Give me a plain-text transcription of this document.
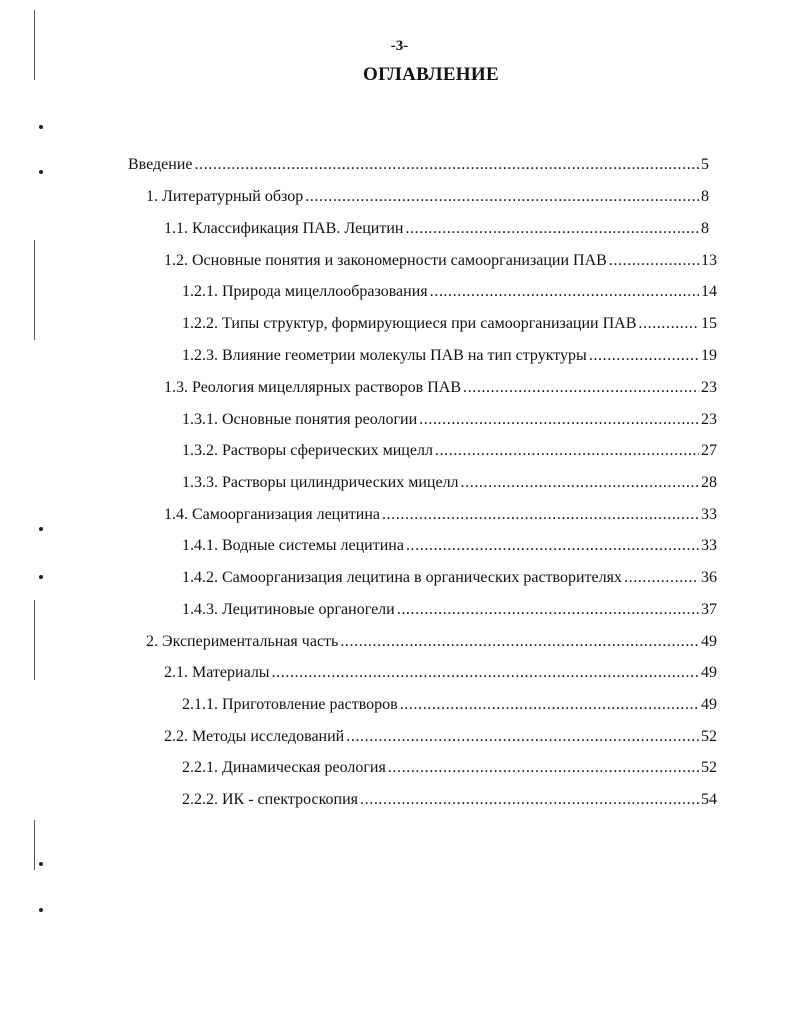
-3-
ОГЛАВЛЕНИЕ
Введение .....	5
1. Литературный обзор .....	8
1.1. Классификация ПАВ. Лецитин .....	8
1.2. Основные понятия и закономерности самоорганизации ПАВ .....	13
1.2.1. Природа мицеллообразования .....	14
1.2.2. Типы структур, формирующиеся при самоорганизации ПАВ .....	15
1.2.3. Влияние геометрии молекулы ПАВ на тип структуры .....	19
1.3. Реология мицеллярных растворов ПАВ .....	23
1.3.1. Основные понятия реологии .....	23
1.3.2. Растворы сферических мицелл .....	27
1.3.3. Растворы цилиндрических мицелл .....	28
1.4. Самоорганизация лецитина .....	33
1.4.1. Водные системы лецитина .....	33
1.4.2. Самоорганизация лецитина в органических растворителях .....	36
1.4.3. Лецитиновые органогели .....	37
2. Экспериментальная часть .....	49
2.1. Материалы .....	49
2.1.1. Приготовление растворов .....	49
2.2. Методы исследований .....	52
2.2.1. Динамическая реология .....	52
2.2.2. ИК - спектроскопия .....	54
